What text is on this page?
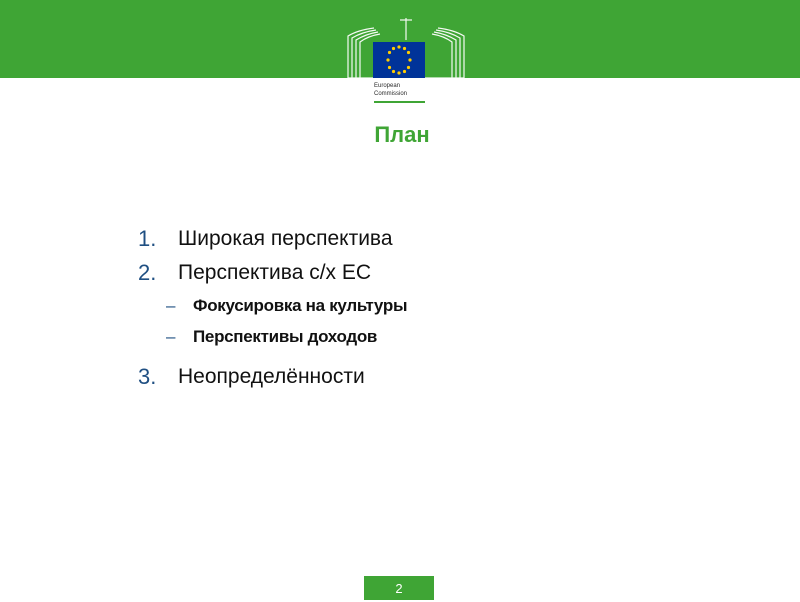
European
Commission
План
1.	Широкая перспектива
2.	Перспектива с/х ЕС
– Фокусировка на культуры
– Перспективы доходов
3.	Неопределённости
2
